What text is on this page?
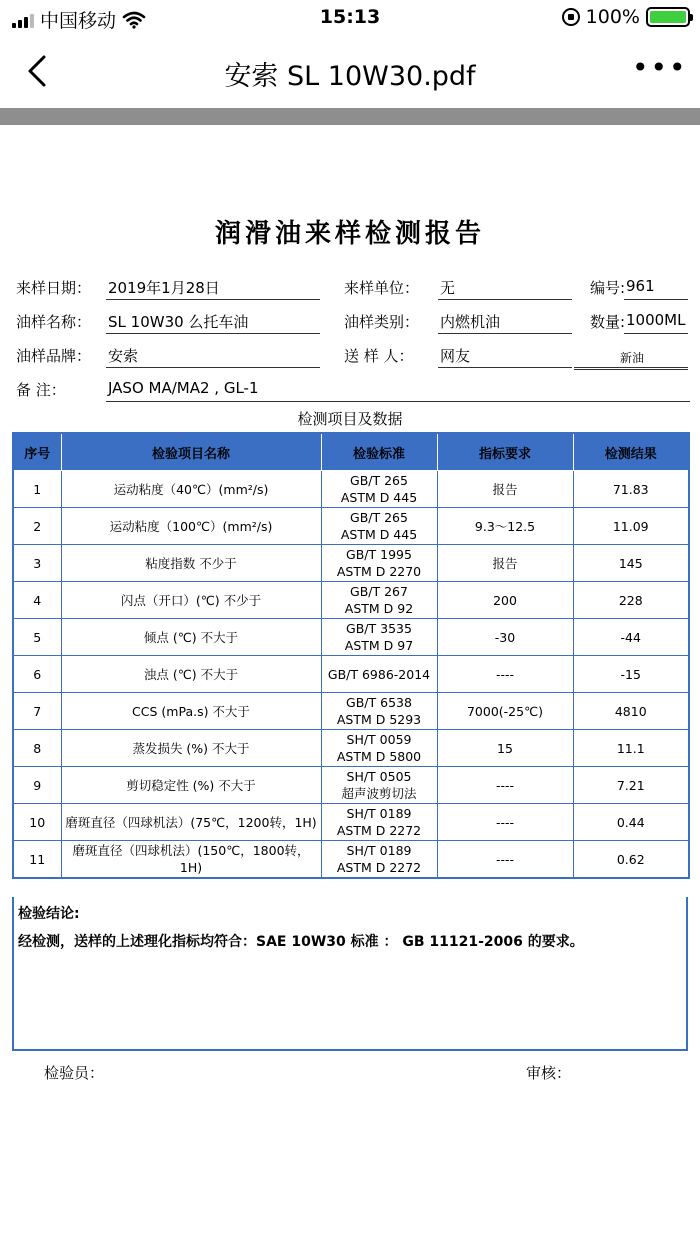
中国移动	15:13	100%
安索 SL 10W30.pdf	•••
润滑油来样检测报告
来样日期： 2019年1月28日	来样单位： 无	编号: 961
油样名称： SL 10W30 么托车油	油样类别： 内燃机油	数量: 1000ML
油样品牌： 安索	送 样 人： 网友	新油
备 注：	JASO MA/MA2 , GL-1
检测项目及数据
序号	检验项目名称	检验标准	指标要求	检测结果
1	运动粘度（40℃）(mm²/s)	GB/T 265
ASTM D 445	报告	71.83
2	运动粘度（100℃）(mm²/s)	GB/T 265
ASTM D 445	9.3～12.5	11.09
3	粘度指数 不少于	GB/T 1995
ASTM D 2270	报告	145
4	闪点（开口）(℃) 不少于	GB/T 267
ASTM D 92	200	228
5	倾点 (℃) 不大于	GB/T 3535
ASTM D 97	-30	-44
6	浊点 (℃) 不大于	GB/T 6986-2014	----	-15
7	CCS (mPa.s) 不大于	GB/T 6538
ASTM D 5293	7000(-25℃)	4810
8	蒸发损失 (%) 不大于	SH/T 0059
ASTM D 5800	15	11.1
9	剪切稳定性 (%) 不大于	SH/T 0505
超声波剪切法	----	7.21
10	磨斑直径（四球机法）(75℃，1200转，1H)	SH/T 0189
ASTM D 2272	----	0.44
11	磨斑直径（四球机法）(150℃，1800转，1H)	SH/T 0189
ASTM D 2272	----	0.62
检验结论:
经检测，送样的上述理化指标均符合：SAE 10W30 标准 ： GB 11121-2006 的要求。
检验员：	审核：
